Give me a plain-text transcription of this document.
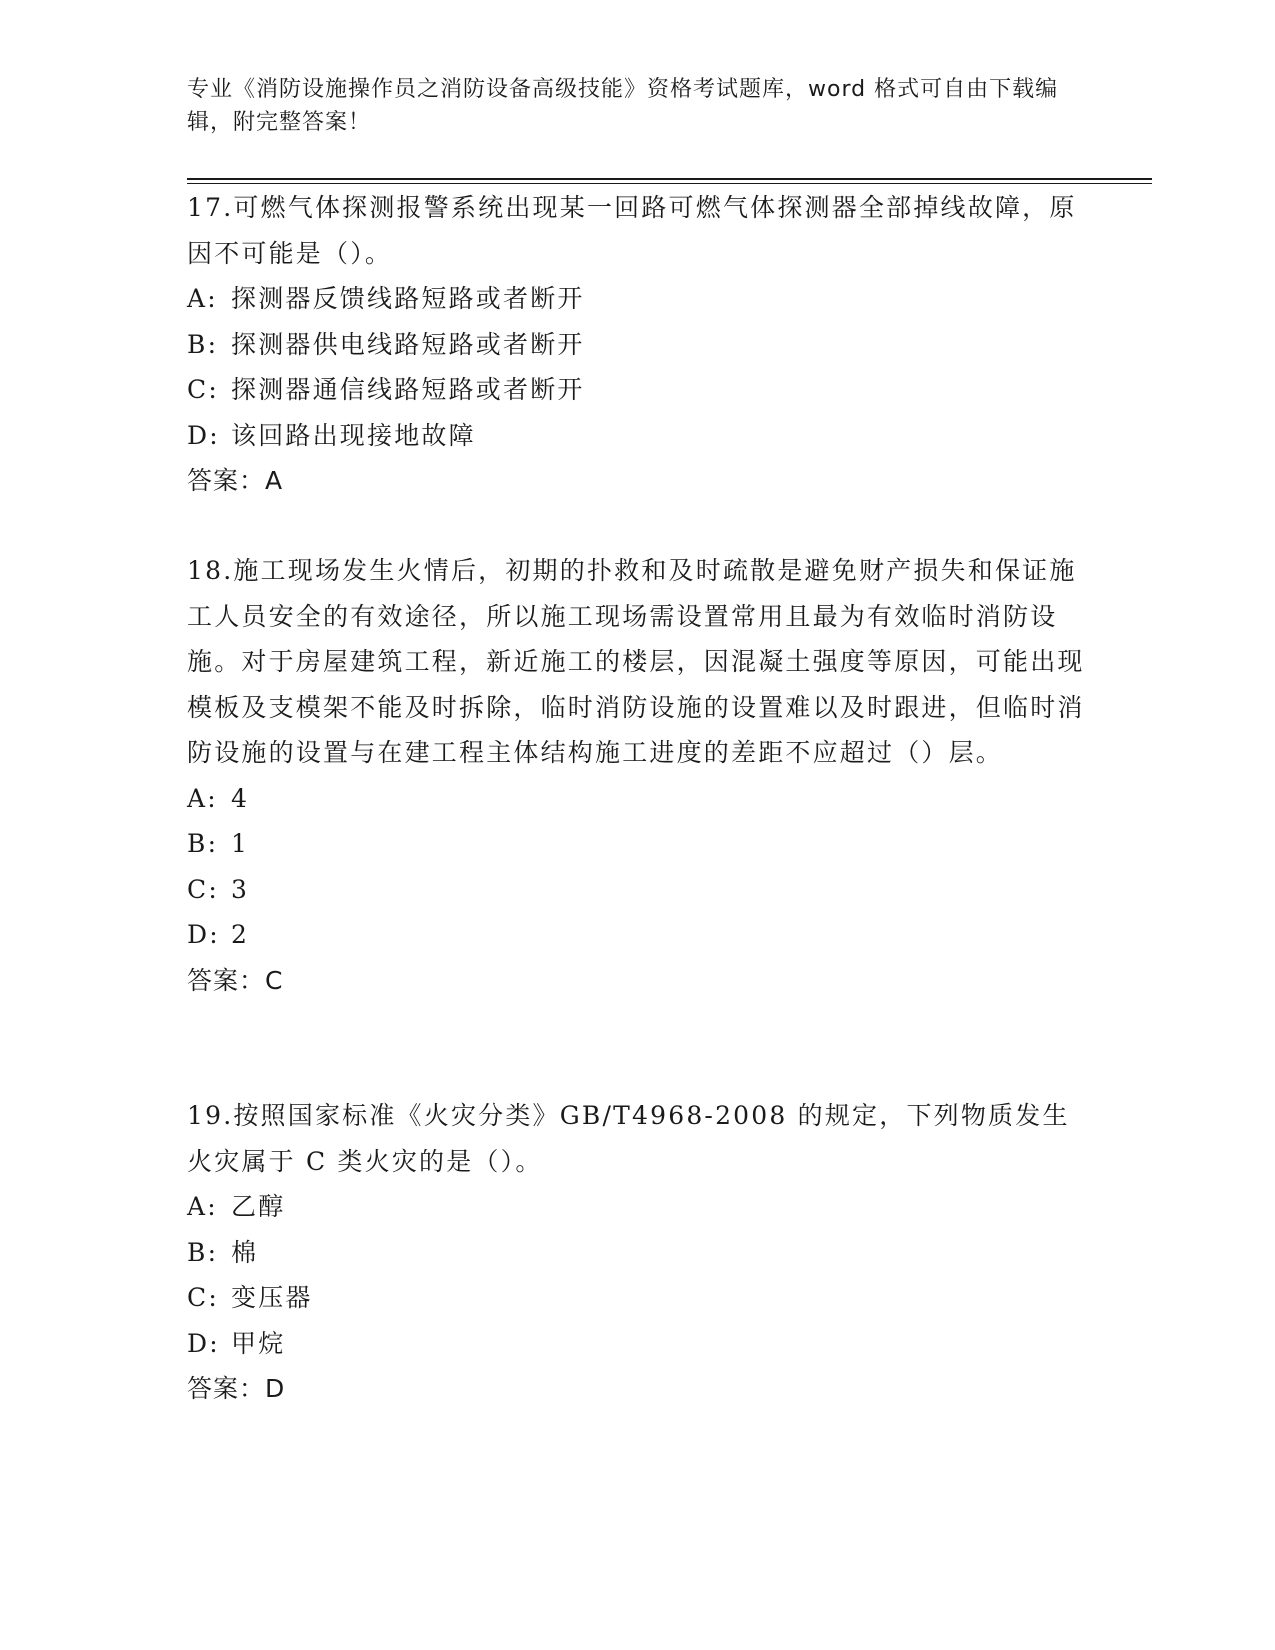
专业《消防设施操作员之消防设备高级技能》资格考试题库，word 格式可自由下载编辑，附完整答案！

17.可燃气体探测报警系统出现某一回路可燃气体探测器全部掉线故障，原因不可能是（）。

A: 探测器反馈线路短路或者断开

B: 探测器供电线路短路或者断开

C: 探测器通信线路短路或者断开

D: 该回路出现接地故障

答案：A

18.施工现场发生火情后，初期的扑救和及时疏散是避免财产损失和保证施工人员安全的有效途径，所以施工现场需设置常用且最为有效临时消防设施。对于房屋建筑工程，新近施工的楼层，因混凝土强度等原因，可能出现模板及支模架不能及时拆除，临时消防设施的设置难以及时跟进，但临时消防设施的设置与在建工程主体结构施工进度的差距不应超过（）层。

A: 4

B: 1

C: 3

D: 2

答案：C

19.按照国家标准《火灾分类》GB/T4968-2008 的规定，下列物质发生火灾属于 C 类火灾的是（）。

A: 乙醇

B: 棉

C: 变压器

D: 甲烷

答案：D
